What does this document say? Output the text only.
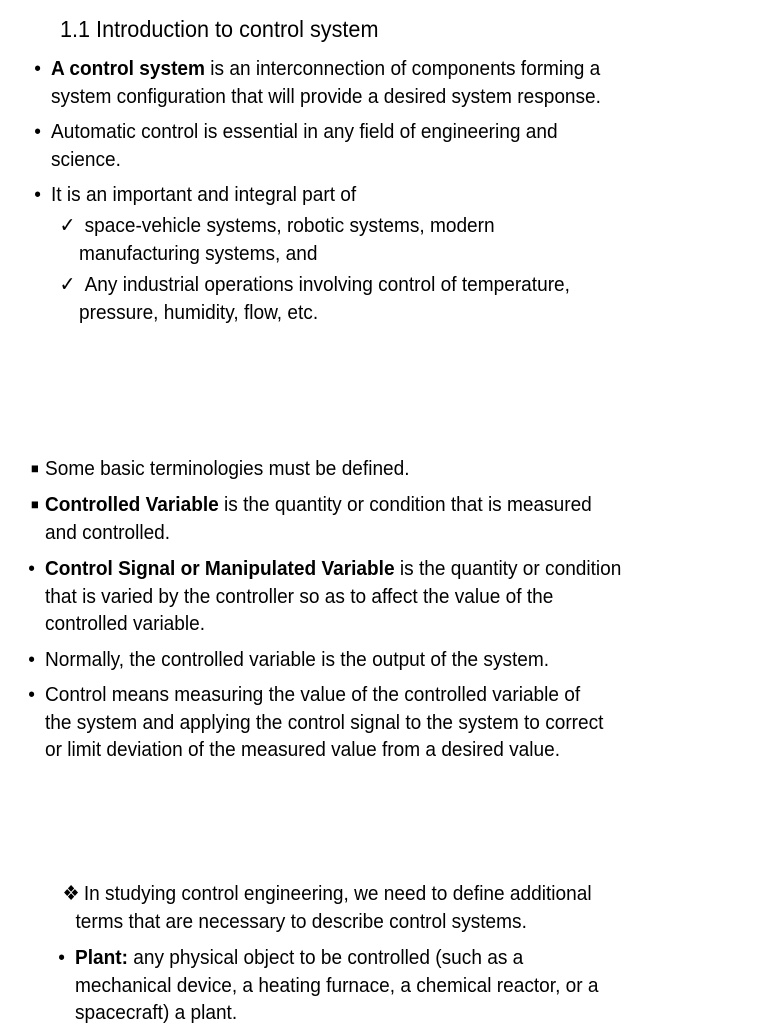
1.1 Introduction to control system
• A control system is an interconnection of components forming a
system configuration that will provide a desired system response.
• Automatic control is essential in any field of engineering and
science.
• It is an important and integral part of
✓ space-vehicle systems, robotic systems, modern
manufacturing systems, and
✓ Any industrial operations involving control of temperature,
pressure, humidity, flow, etc.
■ Some basic terminologies must be defined.
■ Controlled Variable is the quantity or condition that is measured
and controlled.
• Control Signal or Manipulated Variable is the quantity or condition
that is varied by the controller so as to affect the value of the
controlled variable.
• Normally, the controlled variable is the output of the system.
• Control means measuring the value of the controlled variable of
the system and applying the control signal to the system to correct
or limit deviation of the measured value from a desired value.
❖ In studying control engineering, we need to define additional
terms that are necessary to describe control systems.
• Plant: any physical object to be controlled (such as a
mechanical device, a heating furnace, a chemical reactor, or a
spacecraft) a plant.
